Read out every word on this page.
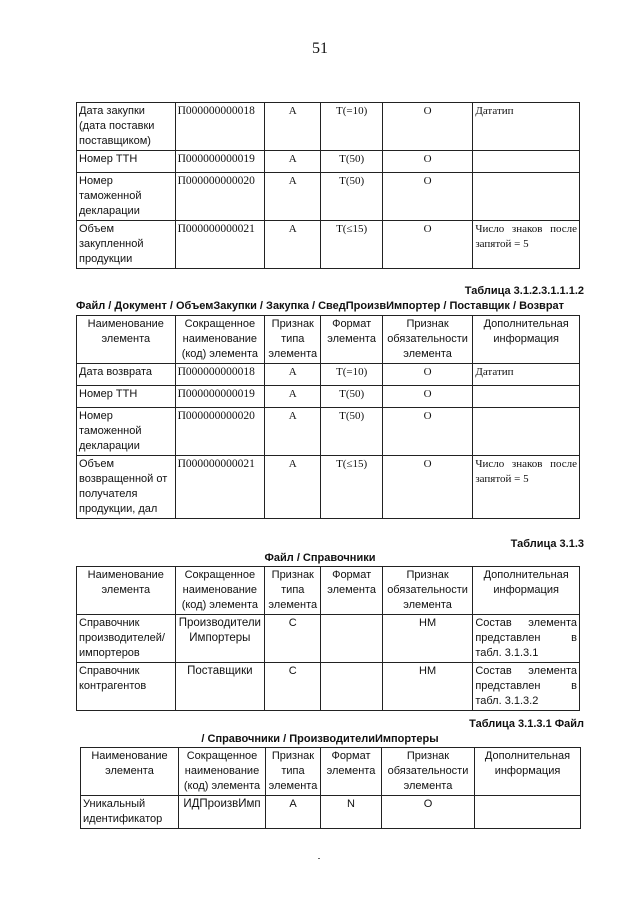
51
Дата закупки (дата поставки поставщиком)	П000000000018	А	Т(=10)	О	Дататип
Номер ТТН	П000000000019	А	Т(50)	О	
Номер таможенной декларации	П000000000020	А	Т(50)	О	
Объем закупленной продукции	П000000000021	А	Т(≤15)	О	Число знаков после запятой = 5
Таблица 3.1.2.3.1.1.1.2
Файл / Документ / ОбъемЗакупки / Закупка / СведПроизвИмпортер / Поставщик / Возврат
Наименование элемента	Сокращенное наименование (код) элемента	Признак типа элемента	Формат элемента	Признак обязательности элемента	Дополнительная информация
Дата возврата	П000000000018	А	Т(=10)	О	Дататип
Номер ТТН	П000000000019	А	Т(50)	О	
Номер таможенной декларации	П000000000020	А	Т(50)	О	
Объем возвращенной от получателя продукции, дал	П000000000021	А	Т(≤15)	О	Число знаков после запятой = 5
Таблица 3.1.3
Файл / Справочники
Наименование элемента	Сокращенное наименование (код) элемента	Признак типа элемента	Формат элемента	Признак обязательности элемента	Дополнительная информация
Справочник производителей/ импортеров	ПроизводителиИмпортеры	С		НМ	Состав элемента представлен в табл. 3.1.3.1
Справочник контрагентов	Поставщики	С		НМ	Состав элемента представлен в табл. 3.1.3.2
Таблица 3.1.3.1 Файл
/ Справочники / ПроизводителиИмпортеры
Наименование элемента	Сокращенное наименование (код) элемента	Признак типа элемента	Формат элемента	Признак обязательности элемента	Дополнительная информация
Уникальный идентификатор	ИДПроизвИмп	А	N	О	
